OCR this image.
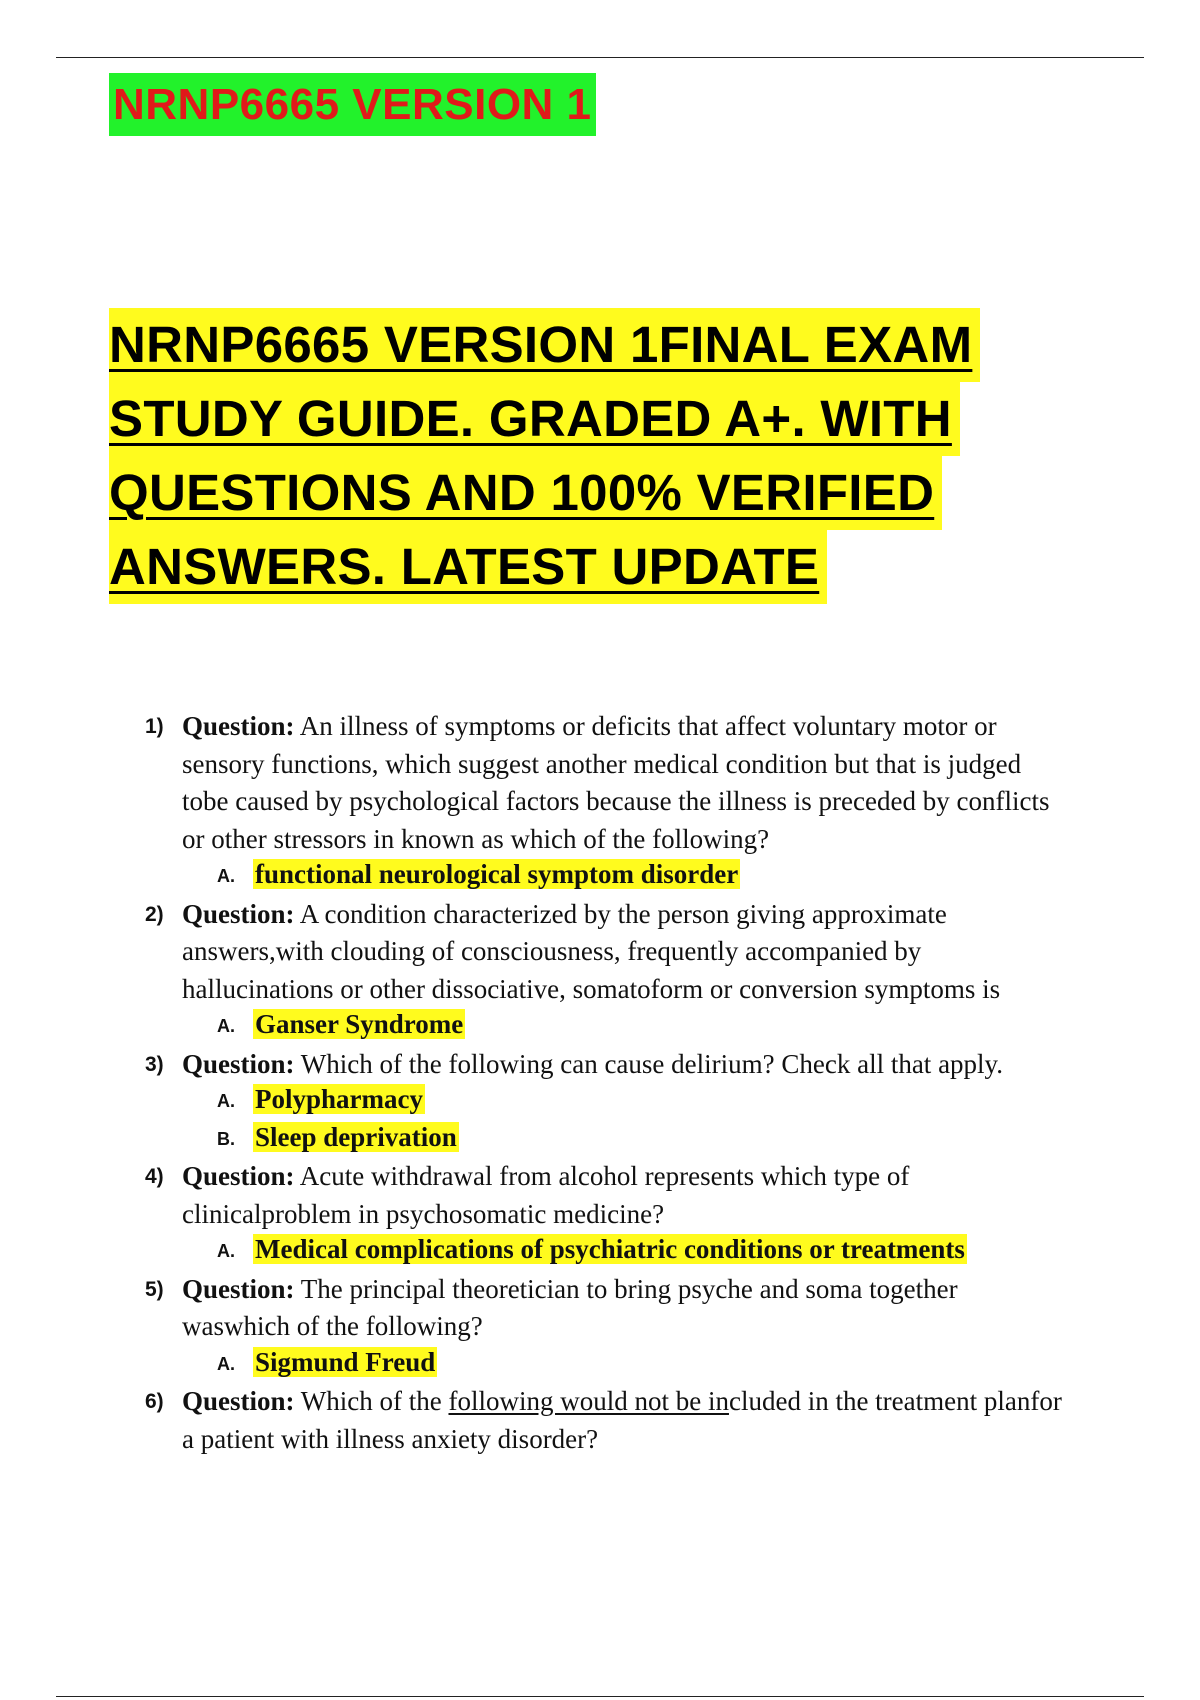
NRNP6665 VERSION 1
NRNP6665 VERSION 1FINAL EXAM
STUDY GUIDE. GRADED A+. WITH
QUESTIONS AND 100% VERIFIED
ANSWERS. LATEST UPDATE
1) Question: An illness of symptoms or deficits that affect voluntary motor or sensory functions, which suggest another medical condition but that is judged tobe caused by psychological factors because the illness is preceded by conflicts or other stressors in known as which of the following?
A. functional neurological symptom disorder
2) Question: A condition characterized by the person giving approximate answers,with clouding of consciousness, frequently accompanied by hallucinations or other dissociative, somatoform or conversion symptoms is
A. Ganser Syndrome
3) Question: Which of the following can cause delirium? Check all that apply.
A. Polypharmacy
B. Sleep deprivation
4) Question: Acute withdrawal from alcohol represents which type of clinicalproblem in psychosomatic medicine?
A. Medical complications of psychiatric conditions or treatments
5) Question: The principal theoretician to bring psyche and soma together waswhich of the following?
A. Sigmund Freud
6) Question: Which of the following would not be included in the treatment planfor a patient with illness anxiety disorder?
